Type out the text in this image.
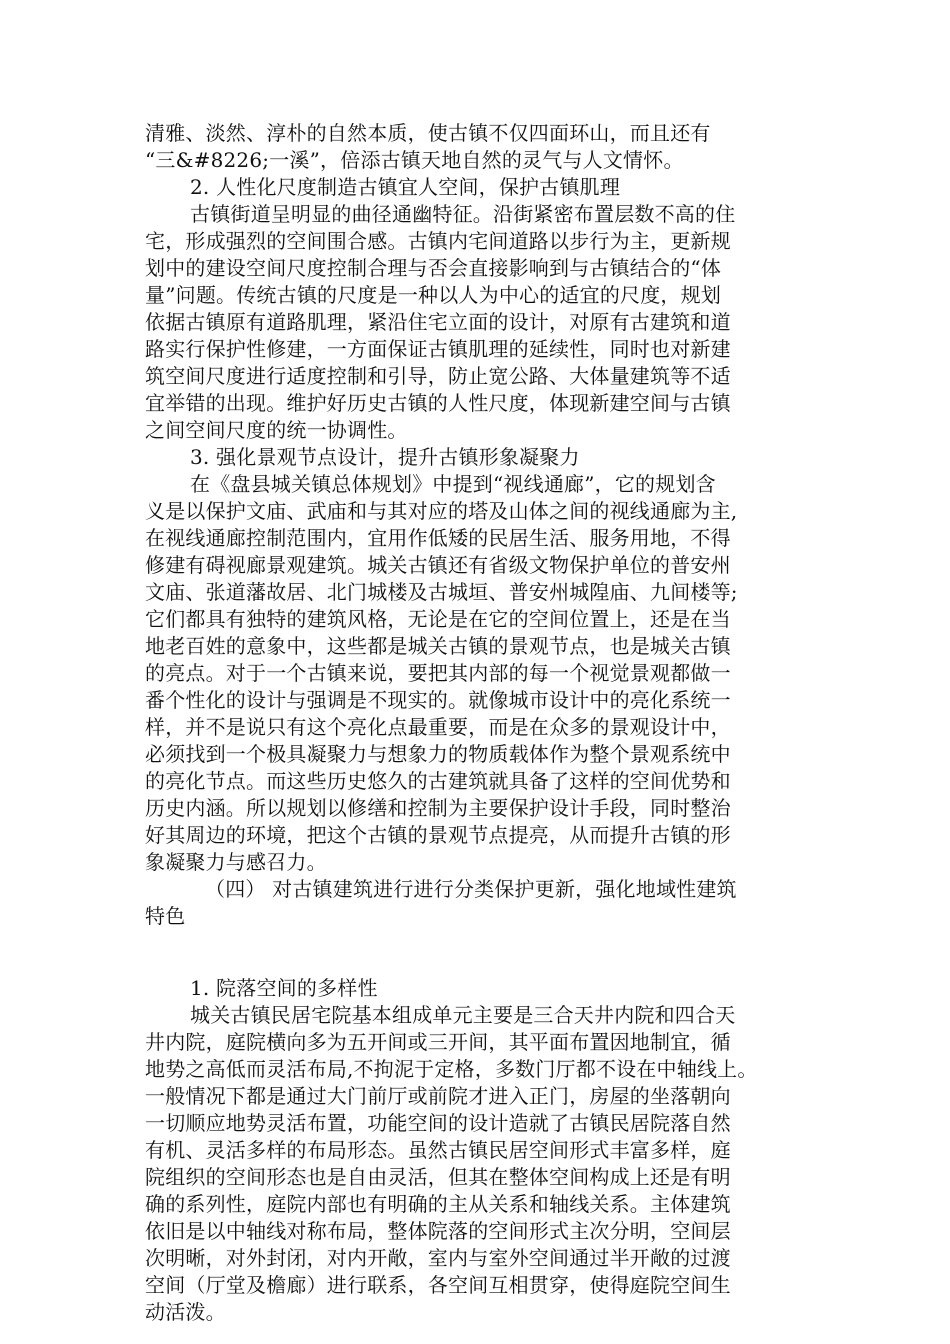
清雅、淡然、淳朴的自然本质，使古镇不仅四面环山，而且还有
“三&#8226;一溪”，倍添古镇天地自然的灵气与人文情怀。
2. 人性化尺度制造古镇宜人空间，保护古镇肌理
古镇街道呈明显的曲径通幽特征。沿街紧密布置层数不高的住
宅，形成强烈的空间围合感。古镇内宅间道路以步行为主，更新规
划中的建设空间尺度控制合理与否会直接影响到与古镇结合的“体
量”问题。传统古镇的尺度是一种以人为中心的适宜的尺度，规划
依据古镇原有道路肌理，紧沿住宅立面的设计，对原有古建筑和道
路实行保护性修建，一方面保证古镇肌理的延续性，同时也对新建
筑空间尺度进行适度控制和引导，防止宽公路、大体量建筑等不适
宜举错的出现。维护好历史古镇的人性尺度，体现新建空间与古镇
之间空间尺度的统一协调性。
3. 强化景观节点设计，提升古镇形象凝聚力
在《盘县城关镇总体规划》中提到“视线通廊”，它的规划含
义是以保护文庙、武庙和与其对应的塔及山体之间的视线通廊为主,
在视线通廊控制范围内，宜用作低矮的民居生活、服务用地，不得
修建有碍视廊景观建筑。城关古镇还有省级文物保护单位的普安州
文庙、张道藩故居、北门城楼及古城垣、普安州城隍庙、九间楼等;
它们都具有独特的建筑风格，无论是在它的空间位置上，还是在当
地老百姓的意象中，这些都是城关古镇的景观节点，也是城关古镇
的亮点。对于一个古镇来说，要把其内部的每一个视觉景观都做一
番个性化的设计与强调是不现实的。就像城市设计中的亮化系统一
样，并不是说只有这个亮化点最重要，而是在众多的景观设计中，
必须找到一个极具凝聚力与想象力的物质载体作为整个景观系统中
的亮化节点。而这些历史悠久的古建筑就具备了这样的空间优势和
历史内涵。所以规划以修缮和控制为主要保护设计手段，同时整治
好其周边的环境，把这个古镇的景观节点提亮，从而提升古镇的形
象凝聚力与感召力。
（四） 对古镇建筑进行进行分类保护更新，强化地域性建筑
特色
1. 院落空间的多样性
城关古镇民居宅院基本组成单元主要是三合天井内院和四合天
井内院，庭院横向多为五开间或三开间，其平面布置因地制宜，循
地势之高低而灵活布局,不拘泥于定格，多数门厅都不设在中轴线上。
一般情况下都是通过大门前厅或前院才进入正门，房屋的坐落朝向
一切顺应地势灵活布置，功能空间的设计造就了古镇民居院落自然
有机、灵活多样的布局形态。虽然古镇民居空间形式丰富多样，庭
院组织的空间形态也是自由灵活，但其在整体空间构成上还是有明
确的系列性，庭院内部也有明确的主从关系和轴线关系。主体建筑
依旧是以中轴线对称布局，整体院落的空间形式主次分明，空间层
次明晰，对外封闭，对内开敞，室内与室外空间通过半开敞的过渡
空间（厅堂及檐廊）进行联系，各空间互相贯穿，使得庭院空间生
动活泼。
